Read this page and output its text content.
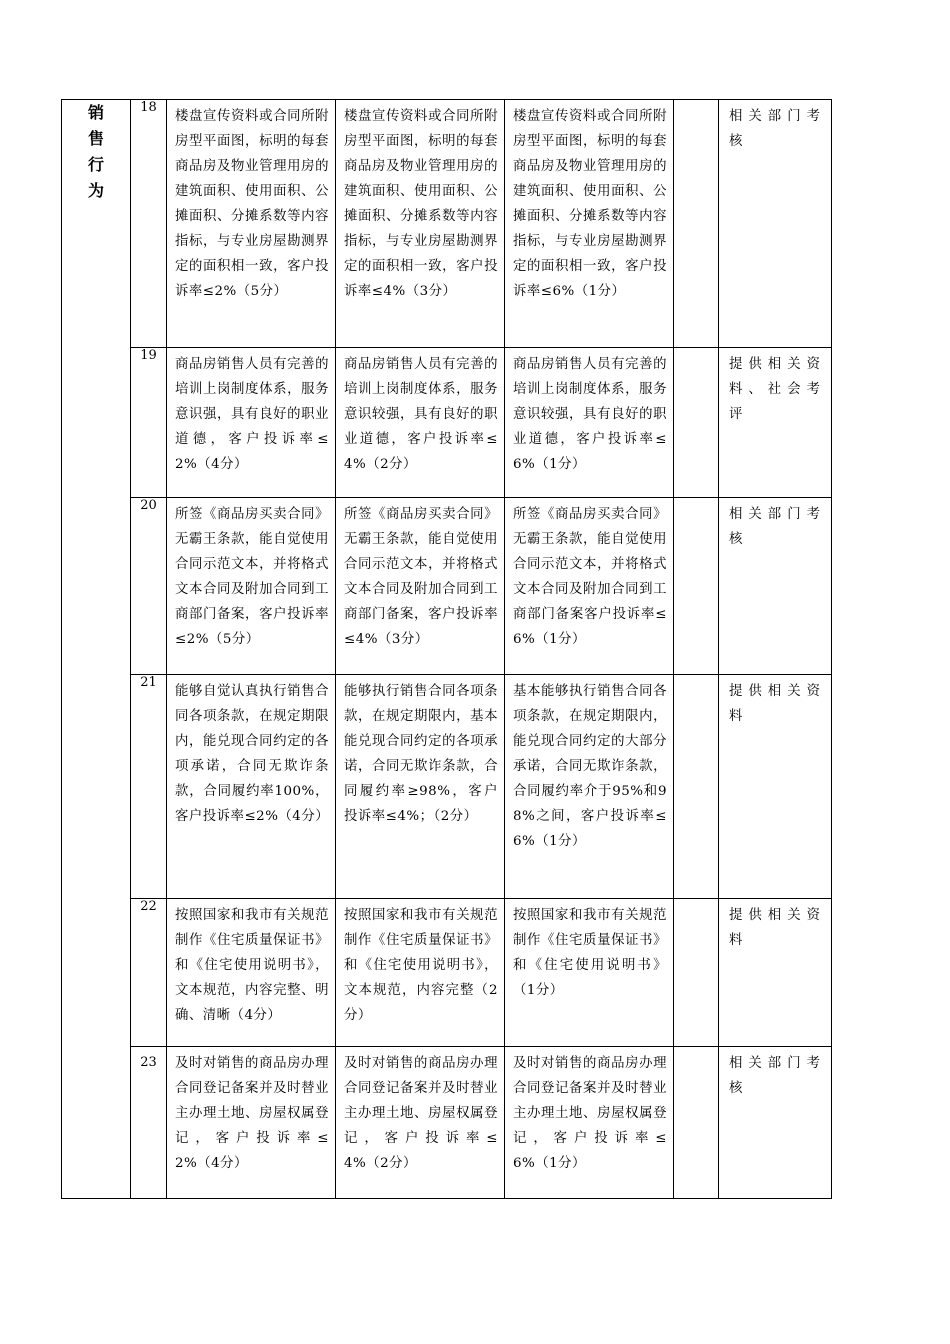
销售行为	18	楼盘宣传资料或合同所附房型平面图，标明的每套商品房及物业管理用房的建筑面积、使用面积、公摊面积、分摊系数等内容指标，与专业房屋勘测界定的面积相一致，客户投诉率≤2%（5分）	楼盘宣传资料或合同所附房型平面图，标明的每套商品房及物业管理用房的建筑面积、使用面积、公摊面积、分摊系数等内容指标，与专业房屋勘测界定的面积相一致，客户投诉率≤4%（3分）	楼盘宣传资料或合同所附房型平面图，标明的每套商品房及物业管理用房的建筑面积、使用面积、公摊面积、分摊系数等内容指标，与专业房屋勘测界定的面积相一致，客户投诉率≤6%（1分）		相关部门考核

	19	商品房销售人员有完善的培训上岗制度体系，服务意识强，具有良好的职业道德，客户投诉率≤2%（4分）	商品房销售人员有完善的培训上岗制度体系，服务意识较强，具有良好的职业道德，客户投诉率≤4%（2分）	商品房销售人员有完善的培训上岗制度体系，服务意识较强，具有良好的职业道德，客户投诉率≤6%（1分）		提供相关资料、社会考评

	20	所签《商品房买卖合同》无霸王条款，能自觉使用合同示范文本，并将格式文本合同及附加合同到工商部门备案，客户投诉率≤2%（5分）	所签《商品房买卖合同》无霸王条款，能自觉使用合同示范文本，并将格式文本合同及附加合同到工商部门备案，客户投诉率≤4%（3分）	所签《商品房买卖合同》无霸王条款，能自觉使用合同示范文本，并将格式文本合同及附加合同到工商部门备案客户投诉率≤6%（1分）		相关部门考核

	21	能够自觉认真执行销售合同各项条款，在规定期限内，能兑现合同约定的各项承诺，合同无欺诈条款，合同履约率100%，客户投诉率≤2%（4分）	能够执行销售合同各项条款，在规定期限内，基本能兑现合同约定的各项承诺，合同无欺诈条款，合同履约率≥98%，客户投诉率≤4%；（2分）	基本能够执行销售合同各项条款，在规定期限内，能兑现合同约定的大部分承诺，合同无欺诈条款，合同履约率介于95%和98%之间，客户投诉率≤6%（1分）		提供相关资料

	22	按照国家和我市有关规范制作《住宅质量保证书》和《住宅使用说明书》，文本规范，内容完整、明确、清晰（4分）	按照国家和我市有关规范制作《住宅质量保证书》和《住宅使用说明书》，文本规范，内容完整（2分）	按照国家和我市有关规范制作《住宅质量保证书》和《住宅使用说明书》（1分）		提供相关资料

	23	及时对销售的商品房办理合同登记备案并及时替业主办理土地、房屋权属登记，客户投诉率≤2%（4分）	及时对销售的商品房办理合同登记备案并及时替业主办理土地、房屋权属登记，客户投诉率≤4%（2分）	及时对销售的商品房办理合同登记备案并及时替业主办理土地、房屋权属登记，客户投诉率≤6%（1分）		相关部门考核
